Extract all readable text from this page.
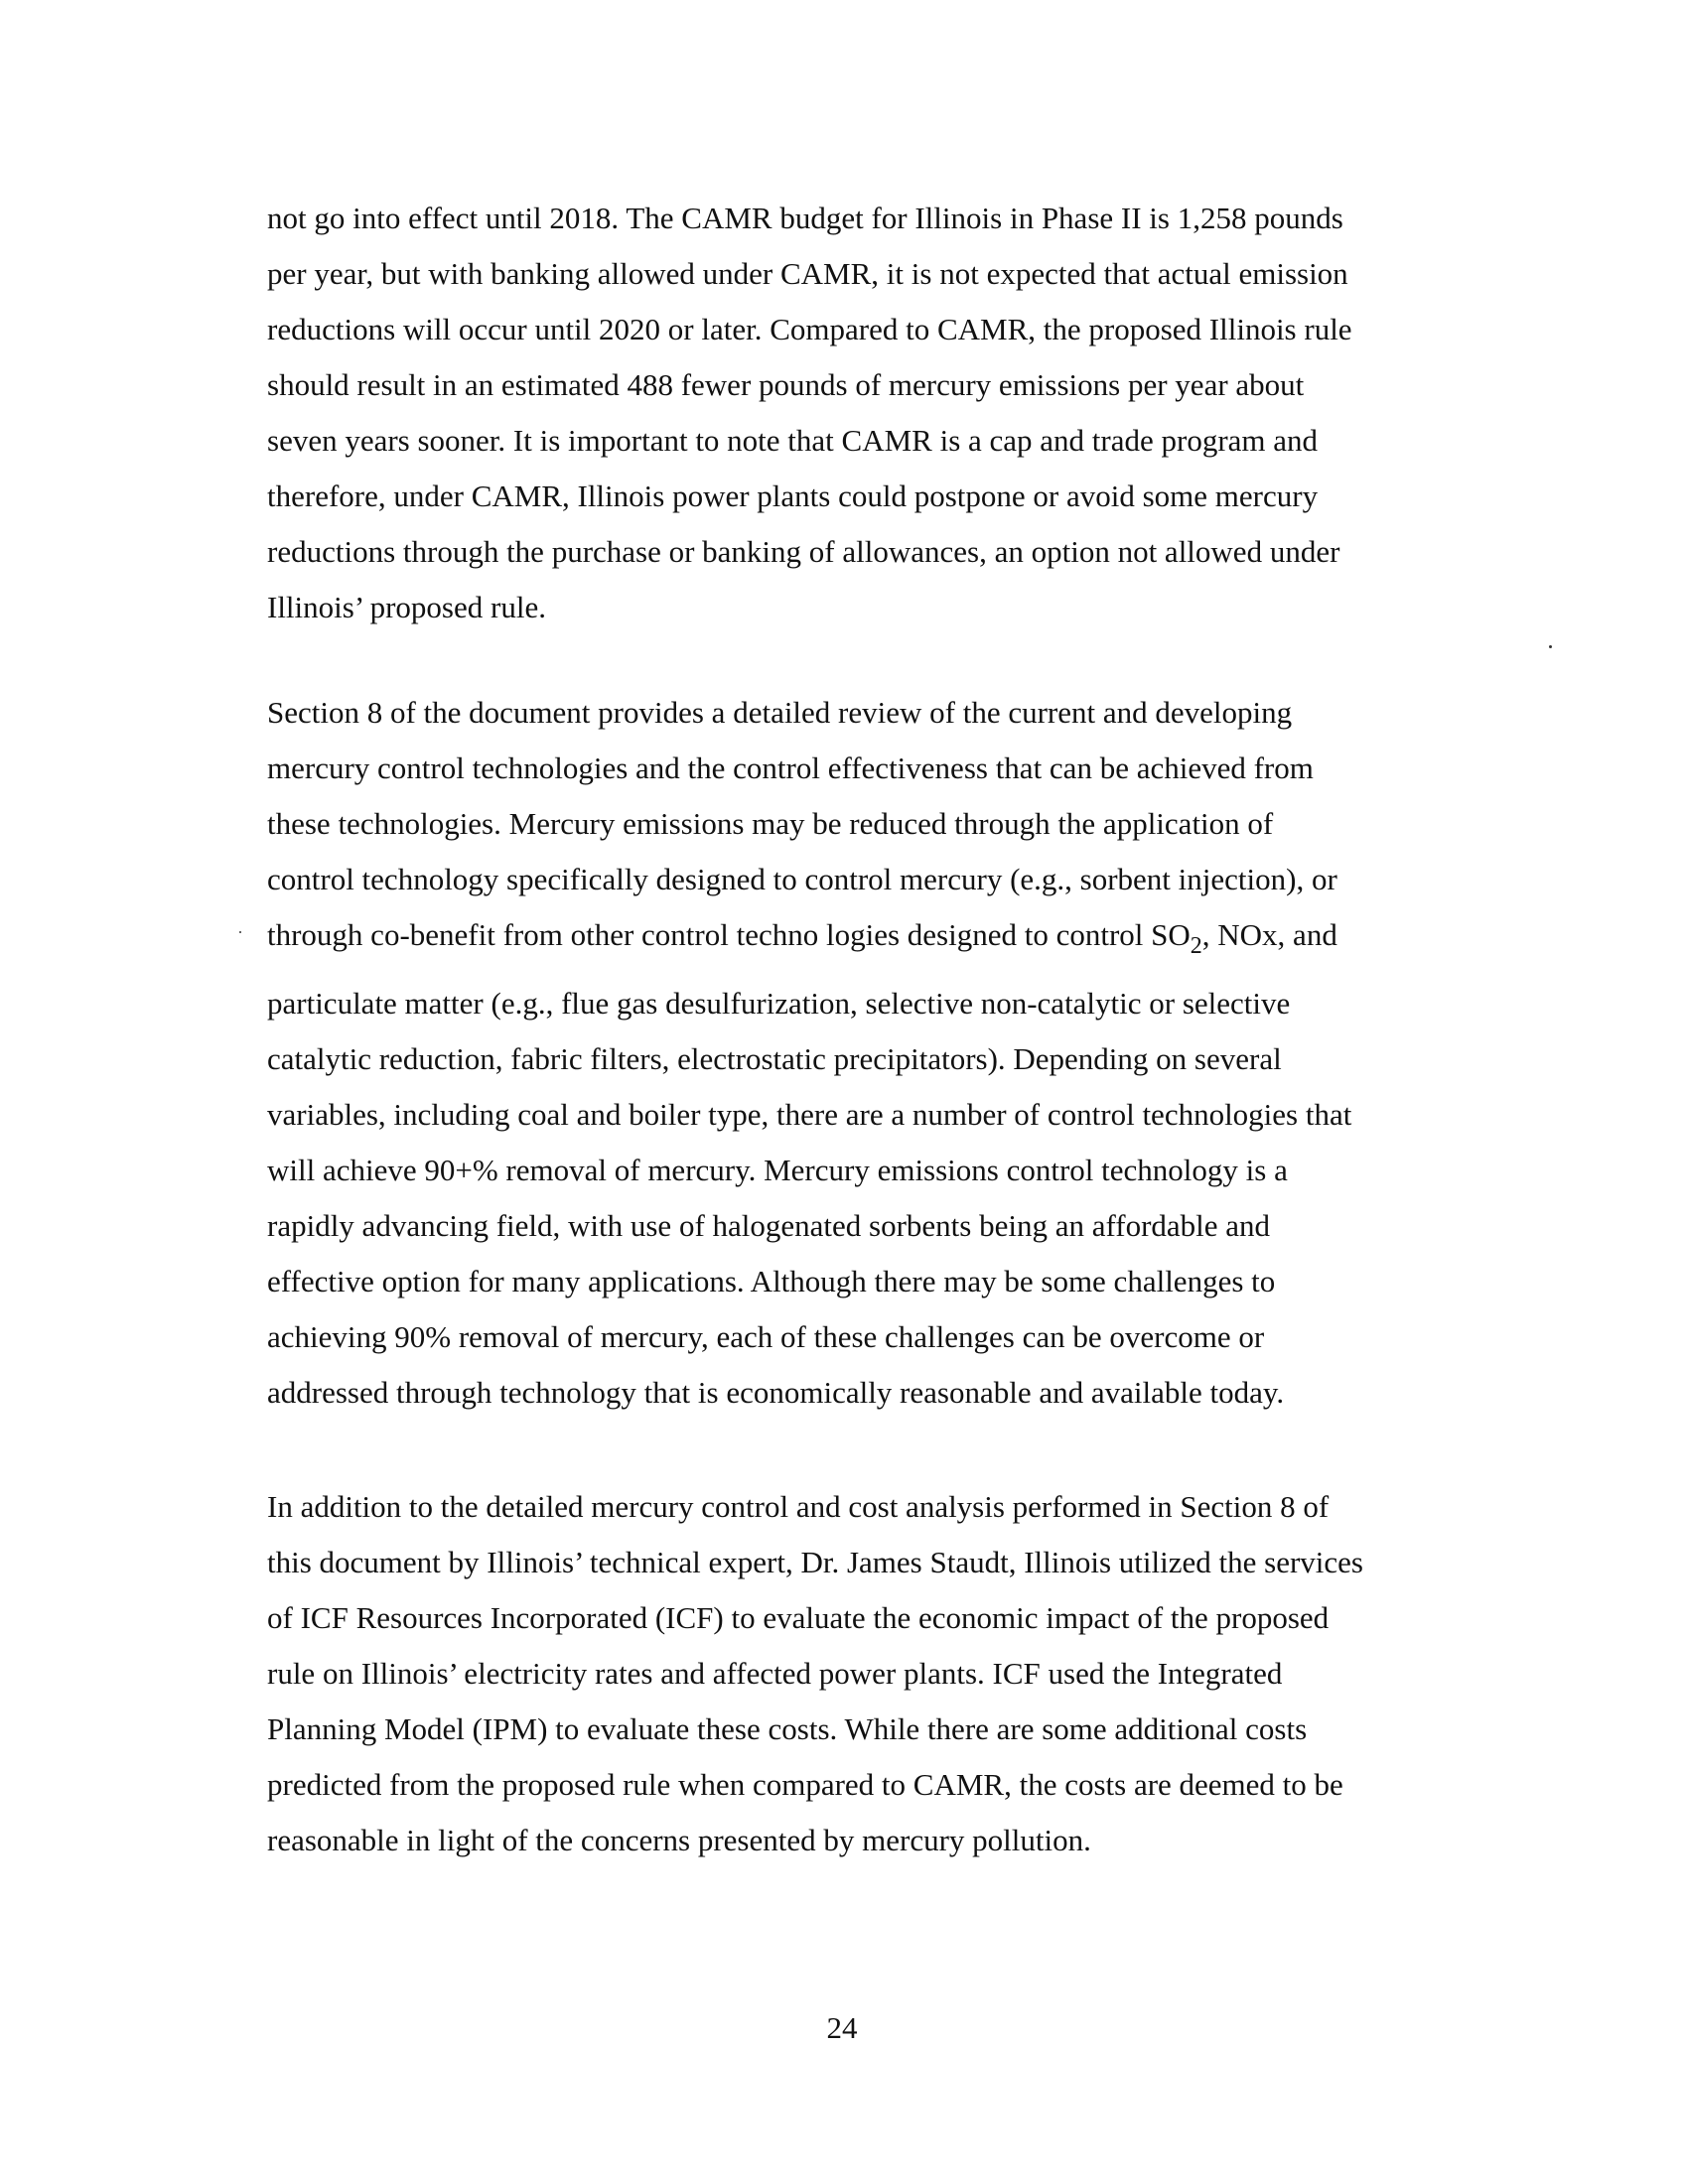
not go into effect until 2018. The CAMR budget for Illinois in Phase II is 1,258 pounds
per year, but with banking allowed under CAMR, it is not expected that actual emission
reductions will occur until 2020 or later. Compared to CAMR, the proposed Illinois rule
should result in an estimated 488 fewer pounds of mercury emissions per year about
seven years sooner. It is important to note that CAMR is a cap and trade program and
therefore, under CAMR, Illinois power plants could postpone or avoid some mercury
reductions through the purchase or banking of allowances, an option not allowed under
Illinois’ proposed rule.

Section 8 of the document provides a detailed review of the current and developing
mercury control technologies and the control effectiveness that can be achieved from
these technologies. Mercury emissions may be reduced through the application of
control technology specifically designed to control mercury (e.g., sorbent injection), or
through co-benefit from other control techno logies designed to control $SO_2$, NOx, and
particulate matter (e.g., flue gas desulfurization, selective non-catalytic or selective
catalytic reduction, fabric filters, electrostatic precipitators). Depending on several
variables, including coal and boiler type, there are a number of control technologies that
will achieve 90+% removal of mercury. Mercury emissions control technology is a
rapidly advancing field, with use of halogenated sorbents being an affordable and
effective option for many applications. Although there may be some challenges to
achieving 90% removal of mercury, each of these challenges can be overcome or
addressed through technology that is economically reasonable and available today.

In addition to the detailed mercury control and cost analysis performed in Section 8 of
this document by Illinois’ technical expert, Dr. James Staudt, Illinois utilized the services
of ICF Resources Incorporated (ICF) to evaluate the economic impact of the proposed
rule on Illinois’ electricity rates and affected power plants. ICF used the Integrated
Planning Model (IPM) to evaluate these costs. While there are some additional costs
predicted from the proposed rule when compared to CAMR, the costs are deemed to be
reasonable in light of the concerns presented by mercury pollution.

24
